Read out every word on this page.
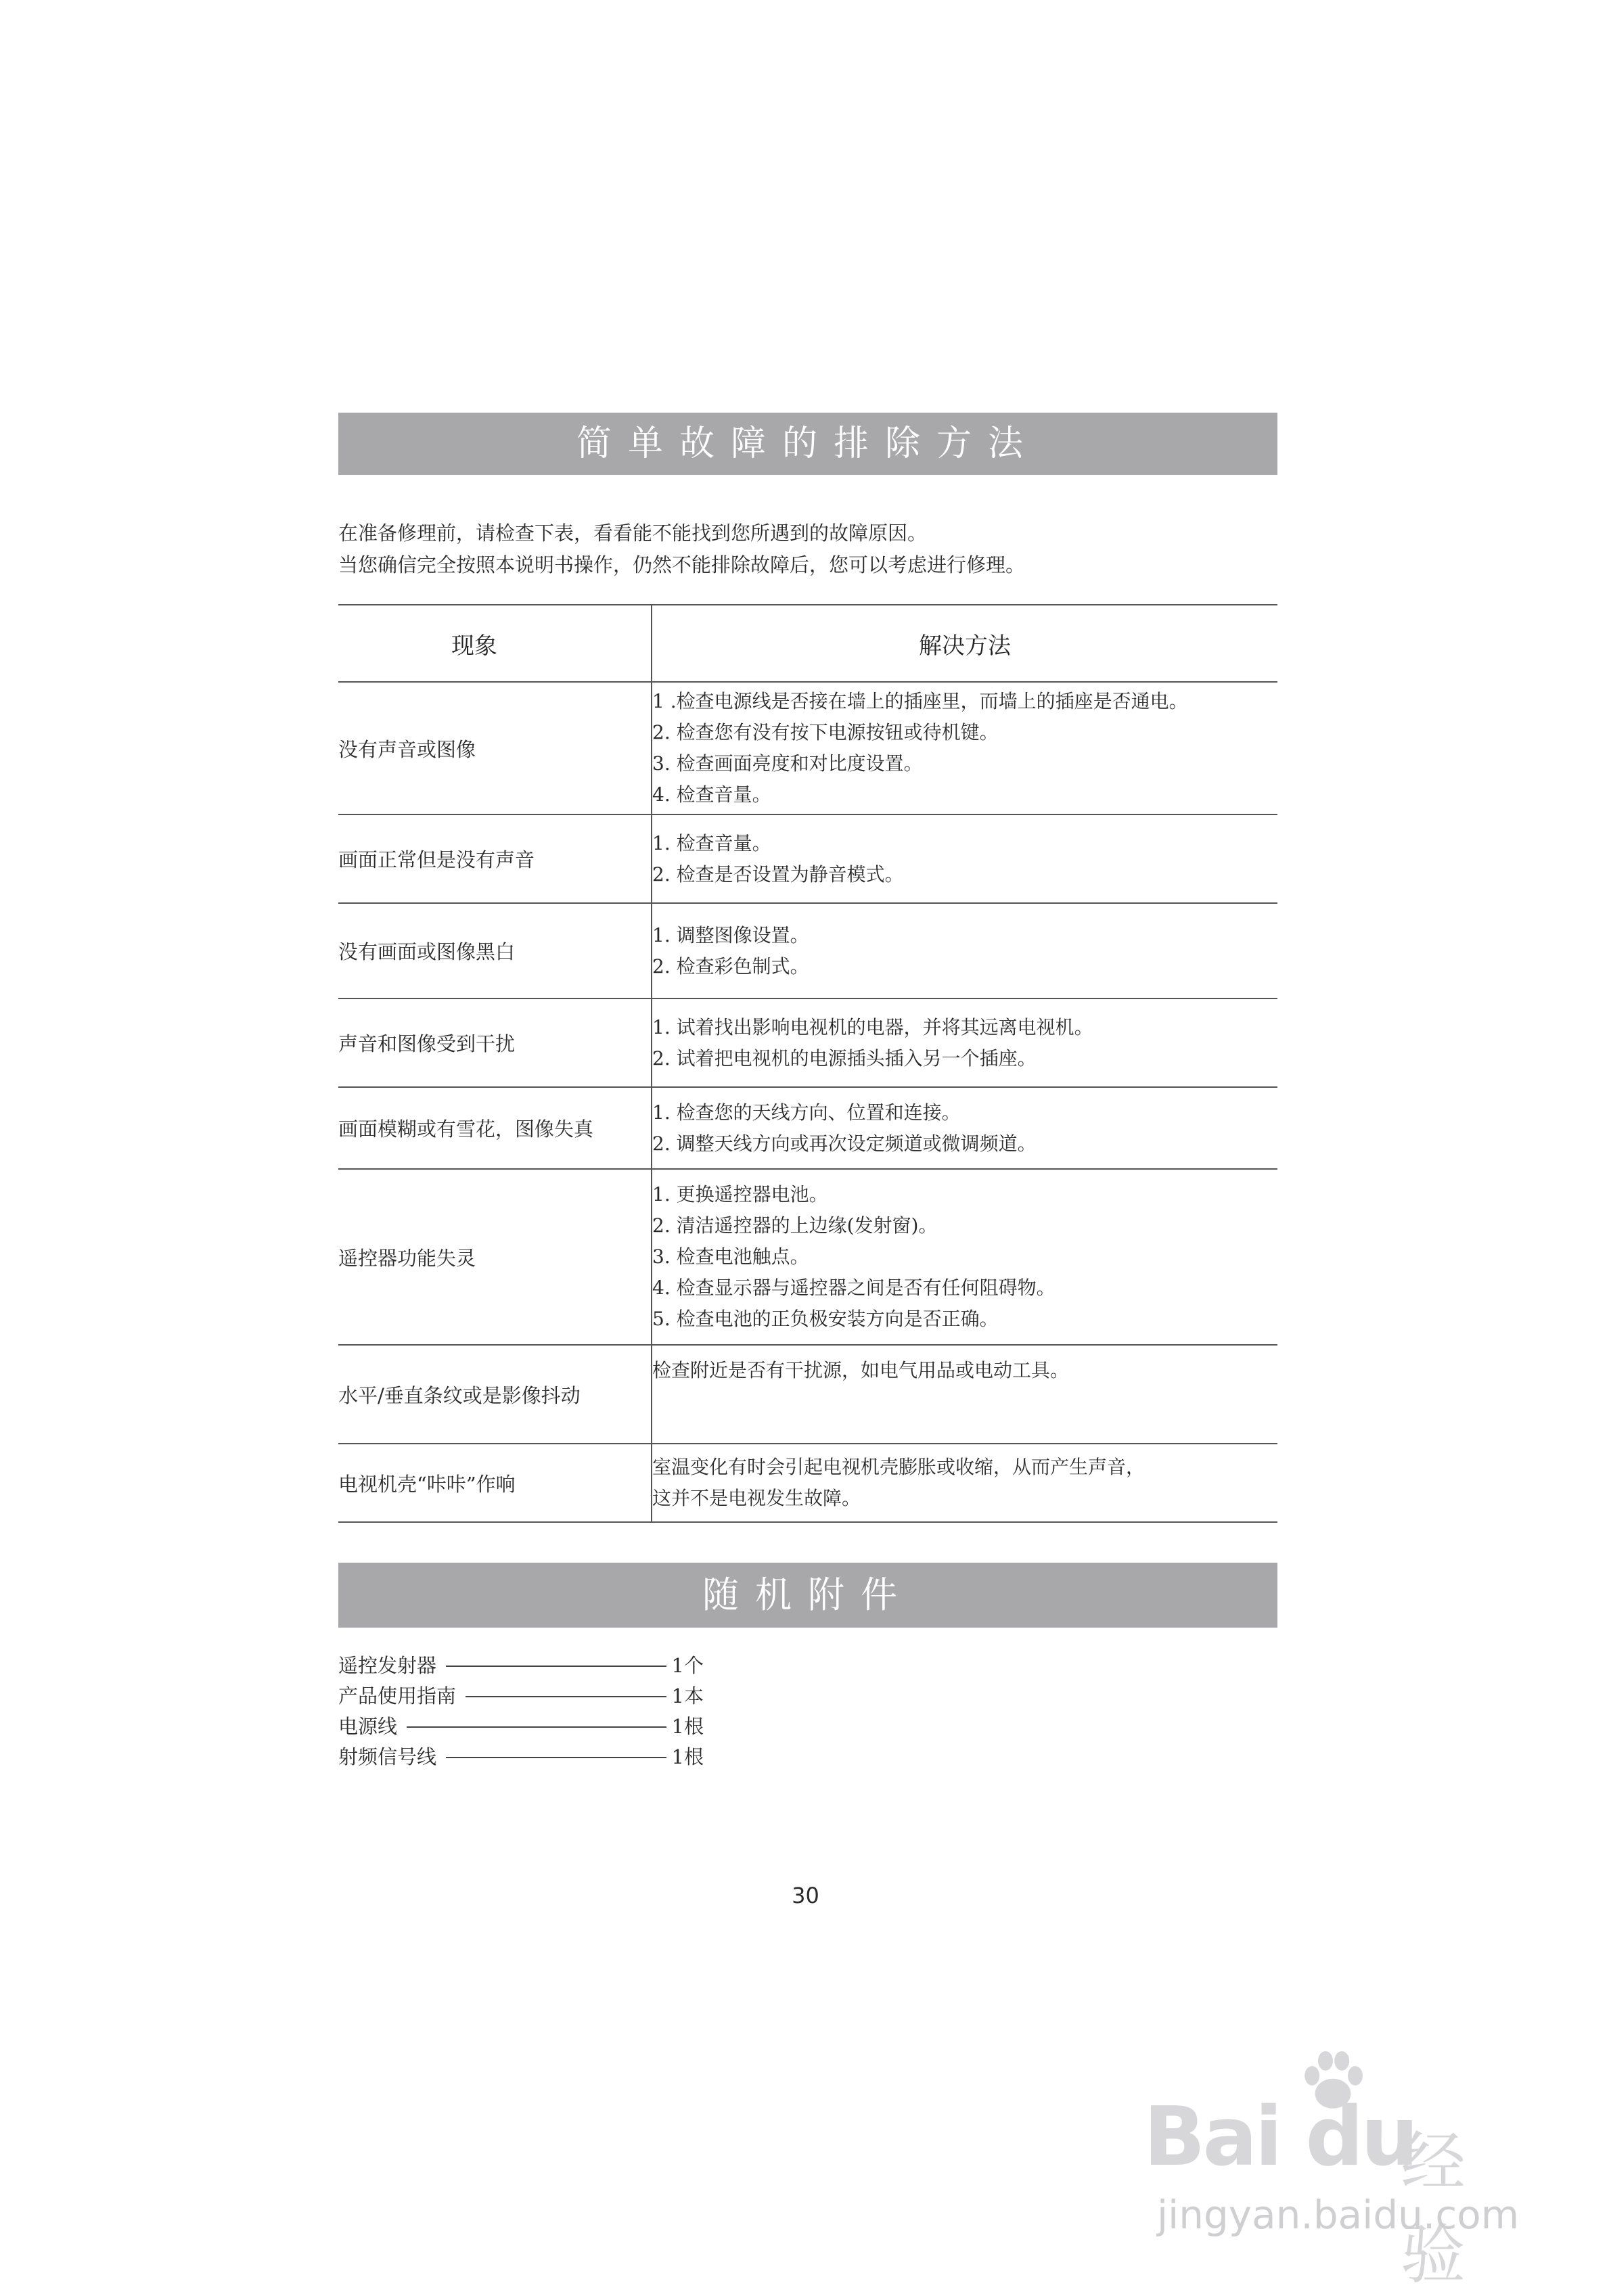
简单故障的排除方法
在准备修理前，请检查下表，看看能不能找到您所遇到的故障原因。
当您确信完全按照本说明书操作，仍然不能排除故障后，您可以考虑进行修理。
现象	解决方法
没有声音或图像	1 .检查电源线是否接在墙上的插座里，而墙上的插座是否通电。
2. 检查您有没有按下电源按钮或待机键。
3. 检查画面亮度和对比度设置。
4. 检查音量。

画面正常但是没有声音	1. 检查音量。
2. 检查是否设置为静音模式。

没有画面或图像黑白	1. 调整图像设置。
2. 检查彩色制式。

声音和图像受到干扰	1. 试着找出影响电视机的电器，并将其远离电视机。
2. 试着把电视机的电源插头插入另一个插座。

画面模糊或有雪花，图像失真	1. 检查您的天线方向、位置和连接。
2. 调整天线方向或再次设定频道或微调频道。

遥控器功能失灵	1. 更换遥控器电池。
2. 清洁遥控器的上边缘(发射窗)。
3. 检查电池触点。
4. 检查显示器与遥控器之间是否有任何阻碍物。
5. 检查电池的正负极安装方向是否正确。

水平/垂直条纹或是影像抖动	检查附近是否有干扰源，如电气用品或电动工具。

电视机壳“咔咔”作响	室温变化有时会引起电视机壳膨胀或收缩，从而产生声音，
这并不是电视发生故障。
随机附件
遥控发射器	1个
产品使用指南	1本
电源线	1根
射频信号线	1根
30
Bai du
经验
jingyan.baidu.com
